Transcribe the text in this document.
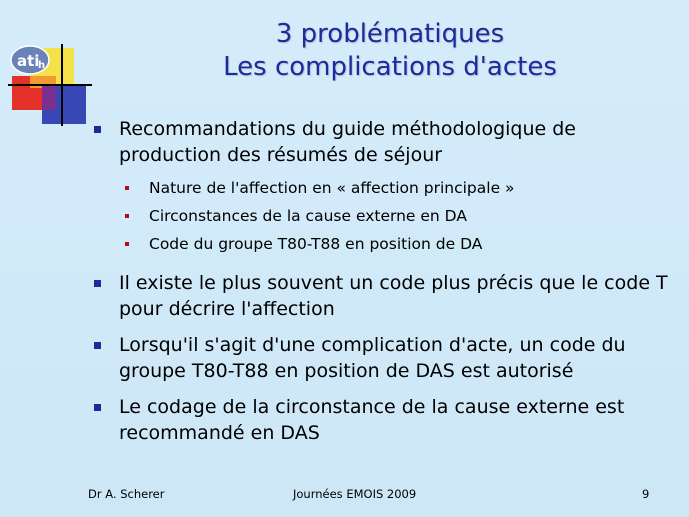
ati
h
3 problématiques
Les complications d'actes
Recommandations du guide méthodologique de production des résumés de séjour
Nature de l'affection en « affection principale »
Circonstances de la cause externe en DA
Code du groupe T80-T88 en position de DA
Il existe le plus souvent un code plus précis que le code T pour décrire l'affection
Lorsqu'il s'agit d'une complication d'acte, un code du groupe T80-T88 en position de DAS est autorisé
Le codage de la circonstance de la cause externe est recommandé en DAS
Dr A. Scherer	Journées EMOIS 2009	9
